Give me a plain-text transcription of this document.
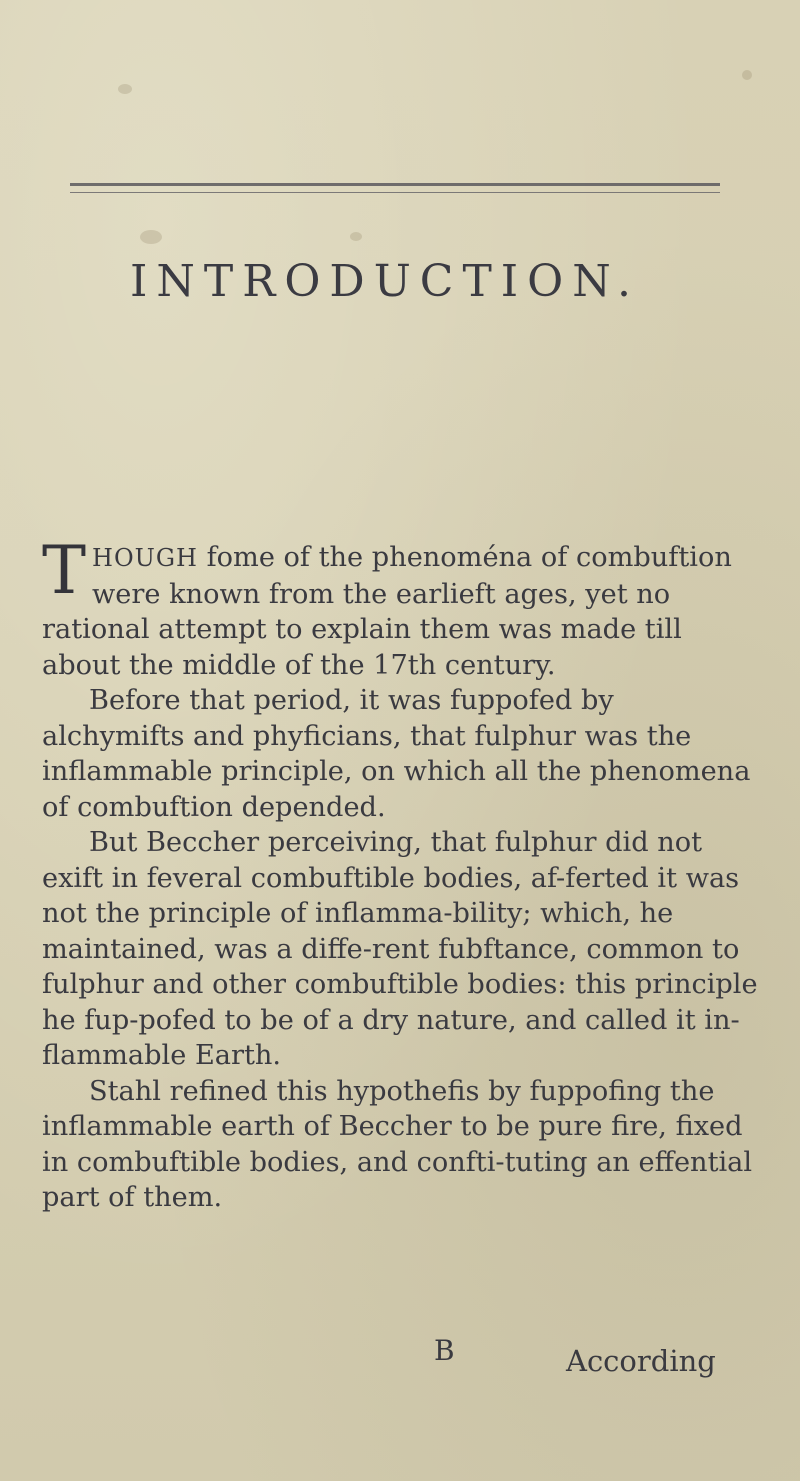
INTRODUCTION.

THOUGH fome of the phenoména of combuftion were known from the earlieft ages, yet no rational attempt to explain them was made till about the middle of the 17th century.

Before that period, it was fuppofed by alchymifts and phyficians, that fulphur was the inflammable principle, on which all the phenomena of combuftion depended.

But Beccher perceiving, that fulphur did not exift in feveral combuftible bodies, af-ferted it was not the principle of inflamma-bility; which, he maintained, was a diffe-rent fubftance, common to fulphur and other combuftible bodies: this principle he fup-pofed to be of a dry nature, and called it in-flammable Earth.

Stahl refined this hypothefis by fuppofing the inflammable earth of Beccher to be pure fire, fixed in combuftible bodies, and confti-tuting an effential part of them.

B	According
